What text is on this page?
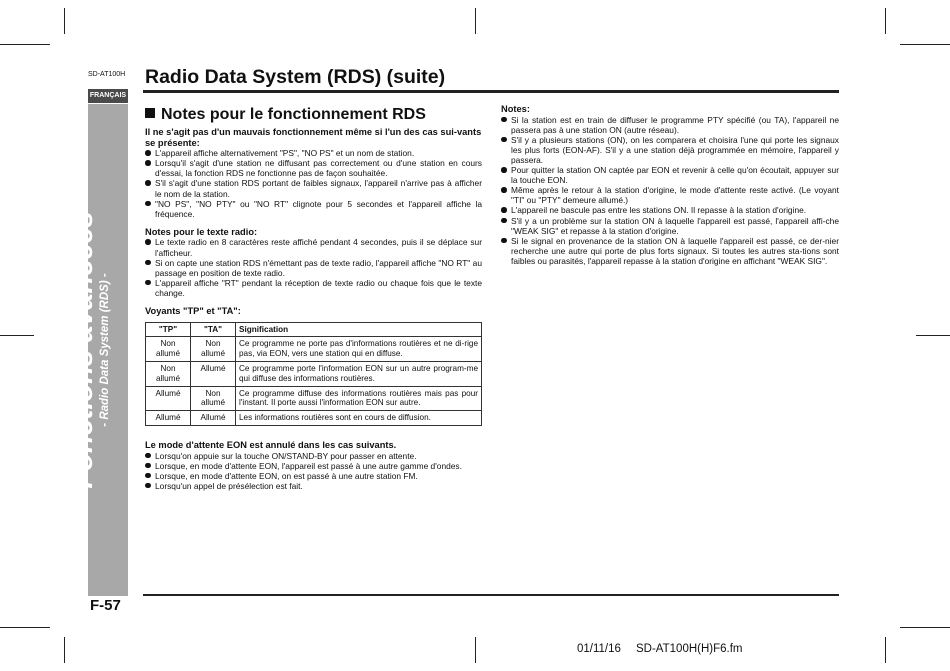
SD-AT100H
FRANÇAIS
Fonctions avancées - Radio Data System (RDS) -
Radio Data System (RDS) (suite)
Notes pour le fonctionnement RDS

Il ne s'agit pas d'un mauvais fonctionnement même si l'un des cas sui-vants se présente:

L'appareil affiche alternativement "PS", "NO PS" et un nom de station.
Lorsqu'il s'agit d'une station ne diffusant pas correctement ou d'une station en cours d'essai, la fonction RDS ne fonctionne pas de façon souhaitée.
S'il s'agit d'une station RDS portant de faibles signaux, l'appareil n'arrive pas à afficher le nom de la station.
"NO PS", "NO PTY" ou "NO RT" clignote pour 5 secondes et l'appareil affiche la fréquence.

Notes pour le texte radio:

Le texte radio en 8 caractères reste affiché pendant 4 secondes, puis il se déplace sur l'afficheur.
Si on capte une station RDS n'émettant pas de texte radio, l'appareil affiche "NO RT" au passage en position de texte radio.
L'appareil affiche "RT" pendant la réception de texte radio ou chaque fois que le texte change.

Voyants "TP" et "TA":

"TP"	"TA"	Signification
Non allumé	Non allumé	Ce programme ne porte pas d'informations routières et ne di-rige pas, via EON, vers une station qui en diffuse.
Non allumé	Allumé	Ce programme porte l'information EON sur un autre program-me qui diffuse des informations routières.
Allumé	Non allumé	Ce programme diffuse des informations routières mais pas pour l'instant. Il porte aussi l'information EON sur autre.
Allumé	Allumé	Les informations routières sont en cours de diffusion.

Le mode d'attente EON est annulé dans les cas suivants.

Lorsqu'on appuie sur la touche ON/STAND-BY pour passer en attente.
Lorsque, en mode d'attente EON, l'appareil est passé à une autre gamme d'ondes.
Lorsque, en mode d'attente EON, on est passé à une autre station FM.
Lorsqu'un appel de présélection est fait.

Notes:

Si la station est en train de diffuser le programme PTY spécifié (ou TA), l'appareil ne passera pas à une station ON (autre réseau).
S'il y a plusieurs stations (ON), on les comparera et choisira l'une qui porte les signaux les plus forts (EON-AF). S'il y a une station déjà programmée en mémoire, l'appareil y passera.
Pour quitter la station ON captée par EON et revenir à celle qu'on écoutait, appuyer sur la touche EON.
Même après le retour à la station d'origine, le mode d'attente reste activé. (Le voyant "TI" ou "PTY" demeure allumé.)
L'appareil ne bascule pas entre les stations ON. Il repasse à la station d'origine.
S'il y a un problème sur la station ON à laquelle l'appareil est passé, l'appareil affi-che "WEAK SIG" et repasse à la station d'origine.
Si le signal en provenance de la station ON à laquelle l'appareil est passé, ce der-nier recherche une autre qui porte de plus forts signaux. Si toutes les autres sta-tions sont faibles ou parasités, l'appareil repasse à la station d'origine en affichant "WEAK SIG".
F-57
01/11/16 SD-AT100H(H)F6.fm
